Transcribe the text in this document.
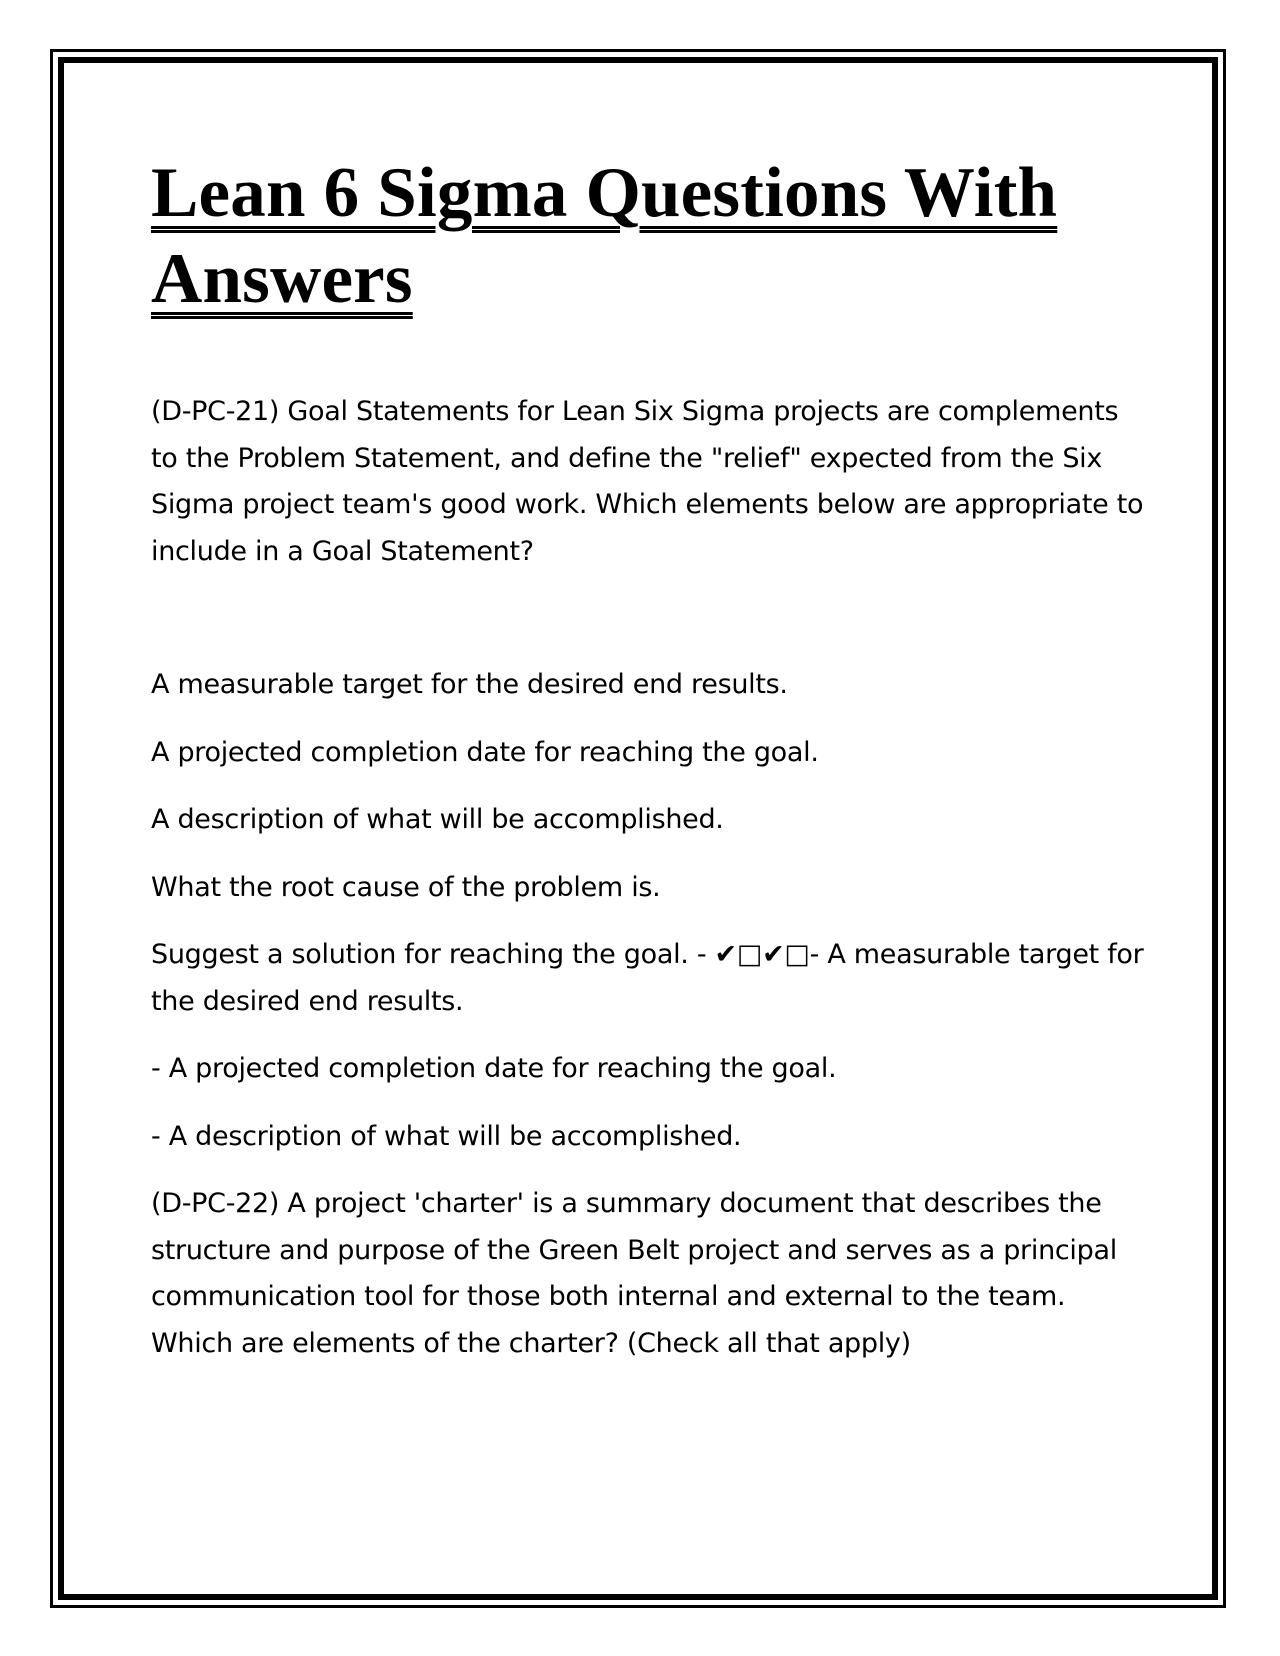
Lean 6 Sigma Questions With Answers

(D-PC-21) Goal Statements for Lean Six Sigma projects are complements to the Problem Statement, and define the "relief" expected from the Six Sigma project team's good work. Which elements below are appropriate to include in a Goal Statement?

A measurable target for the desired end results.

A projected completion date for reaching the goal.

A description of what will be accomplished.

What the root cause of the problem is.

Suggest a solution for reaching the goal. - ✔□✔□- A measurable target for the desired end results.

- A projected completion date for reaching the goal.

- A description of what will be accomplished.

(D-PC-22) A project 'charter' is a summary document that describes the structure and purpose of the Green Belt project and serves as a principal communication tool for those both internal and external to the team. Which are elements of the charter? (Check all that apply)
